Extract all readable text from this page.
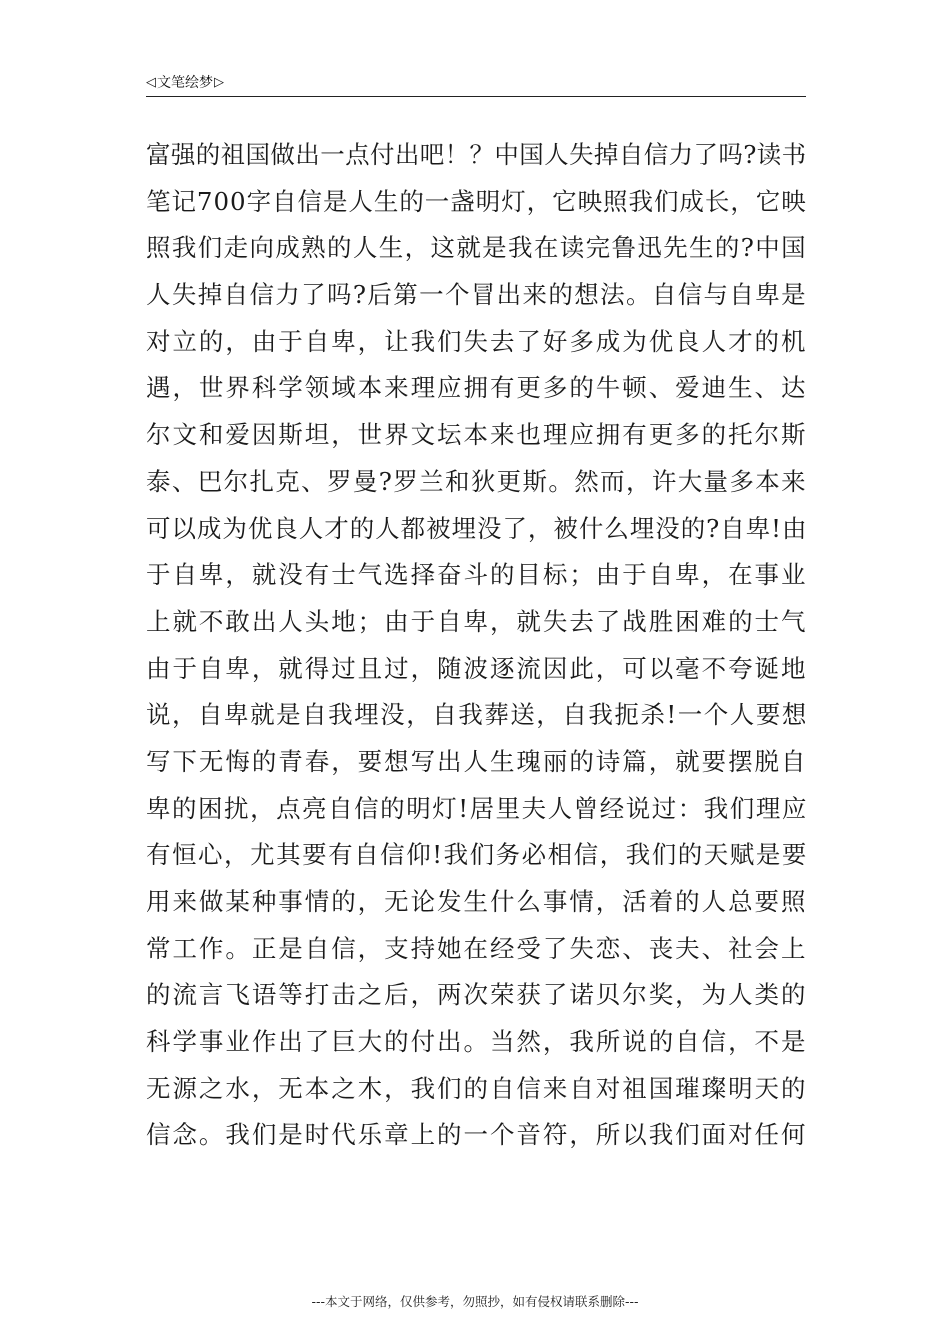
◁ 文笔绘梦 ▷
富强的祖国做出一点付出吧！？中国人失掉自信力了吗?读书
笔记700字自信是人生的一盏明灯，它映照我们成长，它映
照我们走向成熟的人生，这就是我在读完鲁迅先生的?中国
人失掉自信力了吗?后第一个冒出来的想法。自信与自卑是
对立的，由于自卑，让我们失去了好多成为优良人才的机
遇，世界科学领域本来理应拥有更多的牛顿、爱迪生、达
尔文和爱因斯坦，世界文坛本来也理应拥有更多的托尔斯
泰、巴尔扎克、罗曼?罗兰和狄更斯。然而，许大量多本来
可以成为优良人才的人都被埋没了，被什么埋没的?自卑!由
于自卑，就没有士气选择奋斗的目标；由于自卑，在事业
上就不敢出人头地；由于自卑，就失去了战胜困难的士气
由于自卑，就得过且过，随波逐流因此，可以毫不夸诞地
说，自卑就是自我埋没，自我葬送，自我扼杀!一个人要想
写下无悔的青春，要想写出人生瑰丽的诗篇，就要摆脱自
卑的困扰，点亮自信的明灯!居里夫人曾经说过：我们理应
有恒心，尤其要有自信仰!我们务必相信，我们的天赋是要
用来做某种事情的，无论发生什么事情，活着的人总要照
常工作。正是自信，支持她在经受了失恋、丧夫、社会上
的流言飞语等打击之后，两次荣获了诺贝尔奖，为人类的
科学事业作出了巨大的付出。当然，我所说的自信，不是
无源之水，无本之木，我们的自信来自对祖国璀璨明天的
信念。我们是时代乐章上的一个音符，所以我们面对任何
---本文于网络，仅供参考，勿照抄，如有侵权请联系删除---
